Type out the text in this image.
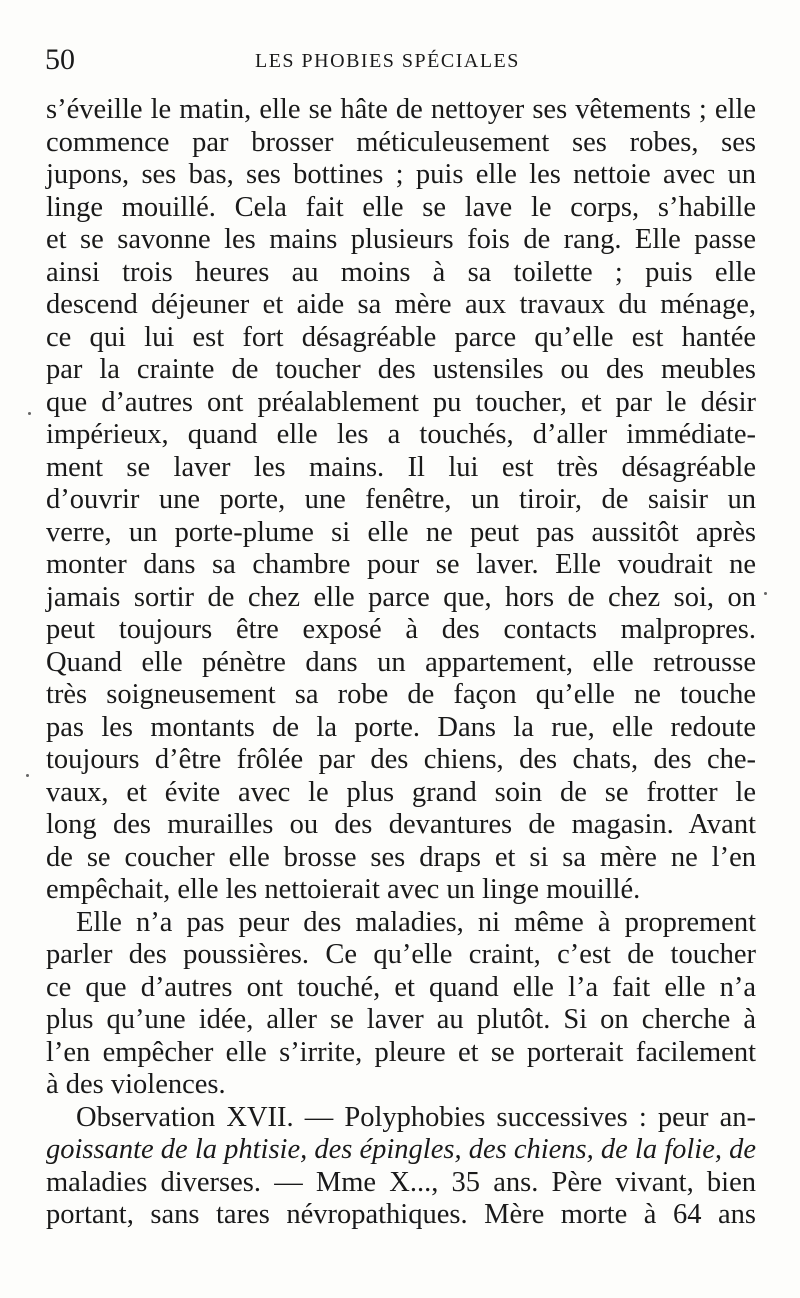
50	LES PHOBIES SPÉCIALES
s’éveille le matin, elle se hâte de nettoyer ses vêtements ; elle
commence par brosser méticuleusement ses robes, ses
jupons, ses bas, ses bottines ; puis elle les nettoie avec un
linge mouillé. Cela fait elle se lave le corps, s’habille
et se savonne les mains plusieurs fois de rang. Elle passe
ainsi trois heures au moins à sa toilette ; puis elle
descend déjeuner et aide sa mère aux travaux du ménage,
ce qui lui est fort désagréable parce qu’elle est hantée
par la crainte de toucher des ustensiles ou des meubles
que d’autres ont préalablement pu toucher, et par le désir
impérieux, quand elle les a touchés, d’aller immédiate-
ment se laver les mains. Il lui est très désagréable
d’ouvrir une porte, une fenêtre, un tiroir, de saisir un
verre, un porte-plume si elle ne peut pas aussitôt après
monter dans sa chambre pour se laver. Elle voudrait ne
jamais sortir de chez elle parce que, hors de chez soi, on
peut toujours être exposé à des contacts malpropres.
Quand elle pénètre dans un appartement, elle retrousse
très soigneusement sa robe de façon qu’elle ne touche
pas les montants de la porte. Dans la rue, elle redoute
toujours d’être frôlée par des chiens, des chats, des che-
vaux, et évite avec le plus grand soin de se frotter le
long des murailles ou des devantures de magasin. Avant
de se coucher elle brosse ses draps et si sa mère ne l’en
empêchait, elle les nettoierait avec un linge mouillé.
Elle n’a pas peur des maladies, ni même à proprement
parler des poussières. Ce qu’elle craint, c’est de toucher
ce que d’autres ont touché, et quand elle l’a fait elle n’a
plus qu’une idée, aller se laver au plutôt. Si on cherche à
l’en empêcher elle s’irrite, pleure et se porterait facilement
à des violences.
Observation XVII. — Polyphobies successives : peur an-
goissante de la phtisie, des épingles, des chiens, de la folie, de
maladies diverses. — Mme X..., 35 ans. Père vivant, bien
portant, sans tares névropathiques. Mère morte à 64 ans
